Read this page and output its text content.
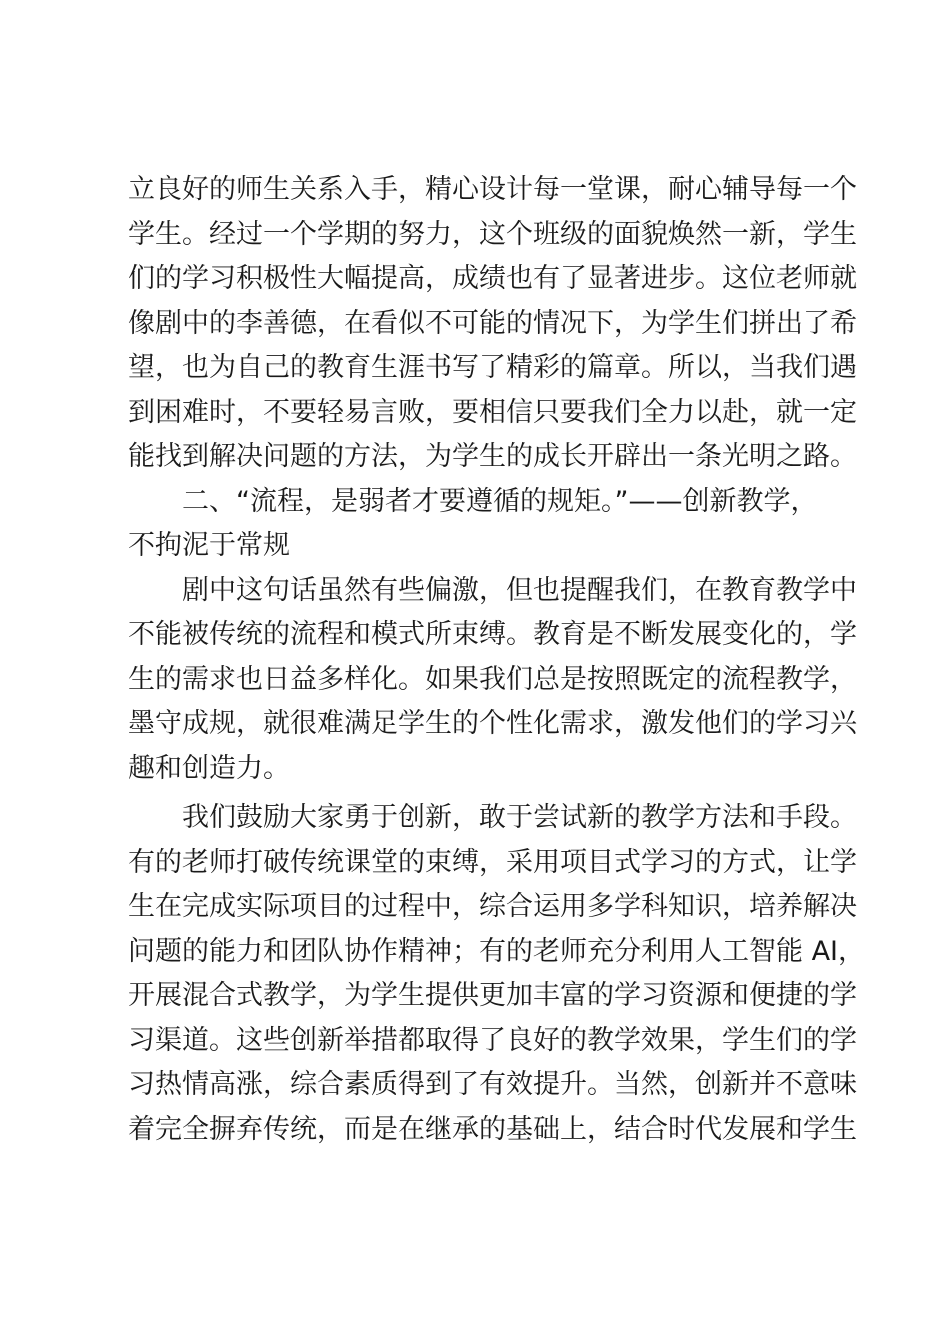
立良好的师生关系入手，精心设计每一堂课，耐心辅导每一个
学生。经过一个学期的努力，这个班级的面貌焕然一新，学生
们的学习积极性大幅提高，成绩也有了显著进步。这位老师就
像剧中的李善德，在看似不可能的情况下，为学生们拼出了希
望，也为自己的教育生涯书写了精彩的篇章。所以，当我们遇
到困难时，不要轻易言败，要相信只要我们全力以赴，就一定
能找到解决问题的方法，为学生的成长开辟出一条光明之路。
二、“流程，是弱者才要遵循的规矩。”——创新教学，
不拘泥于常规
剧中这句话虽然有些偏激，但也提醒我们，在教育教学中
不能被传统的流程和模式所束缚。教育是不断发展变化的，学
生的需求也日益多样化。如果我们总是按照既定的流程教学，
墨守成规，就很难满足学生的个性化需求，激发他们的学习兴
趣和创造力。
我们鼓励大家勇于创新，敢于尝试新的教学方法和手段。
有的老师打破传统课堂的束缚，采用项目式学习的方式，让学
生在完成实际项目的过程中，综合运用多学科知识，培养解决
问题的能力和团队协作精神；有的老师充分利用人工智能 AI，
开展混合式教学，为学生提供更加丰富的学习资源和便捷的学
习渠道。这些创新举措都取得了良好的教学效果，学生们的学
习热情高涨，综合素质得到了有效提升。当然，创新并不意味
着完全摒弃传统，而是在继承的基础上，结合时代发展和学生
